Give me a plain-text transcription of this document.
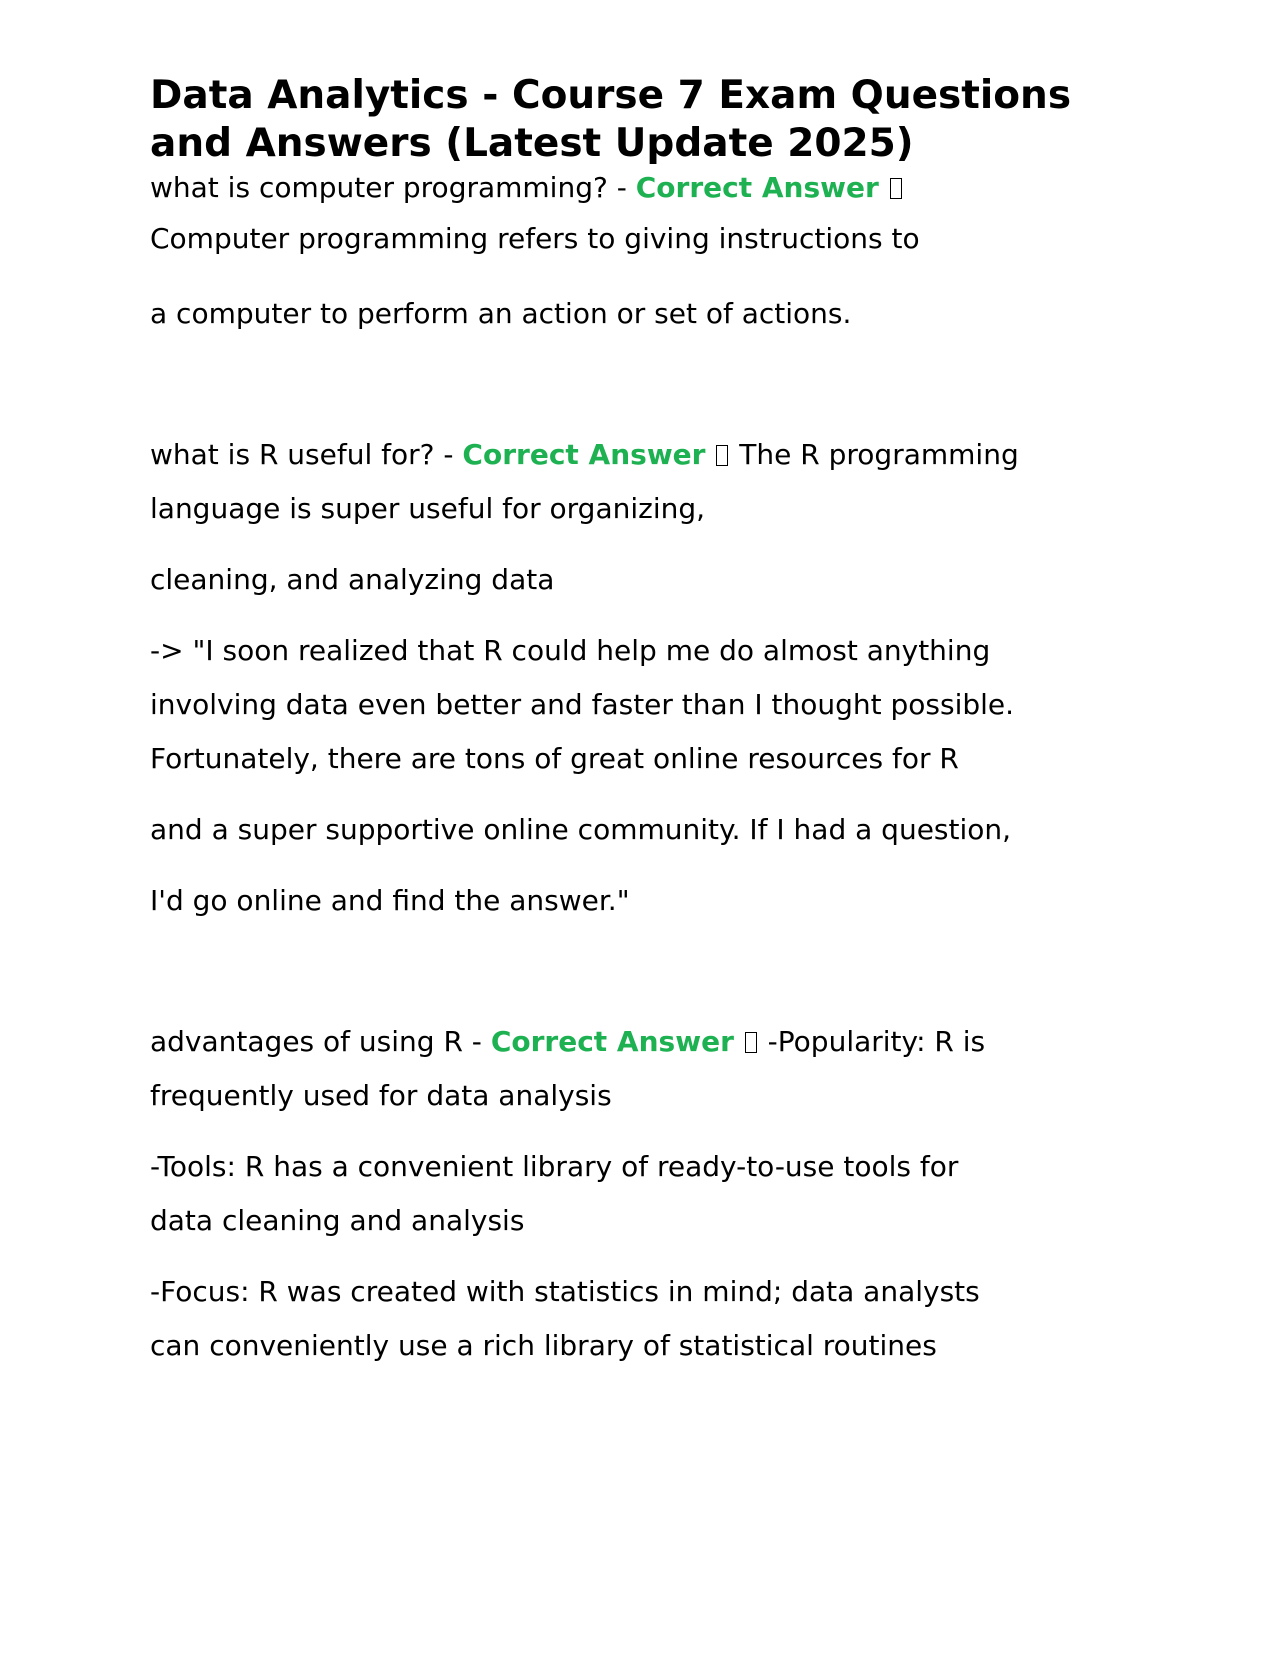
Data Analytics - Course 7 Exam Questions and Answers (Latest Update 2025)

what is computer programming? - Correct Answer

Computer programming refers to giving instructions to

a computer to perform an action or set of actions.

what is R useful for? - Correct Answer  The R programming

language is super useful for organizing,

cleaning, and analyzing data

-> "I soon realized that R could help me do almost anything

involving data even better and faster than I thought possible.

Fortunately, there are tons of great online resources for R

and a super supportive online community. If I had a question,

I'd go online and find the answer."

advantages of using R - Correct Answer  -Popularity: R is

frequently used for data analysis

-Tools: R has a convenient library of ready-to-use tools for

data cleaning and analysis

-Focus: R was created with statistics in mind; data analysts

can conveniently use a rich library of statistical routines
